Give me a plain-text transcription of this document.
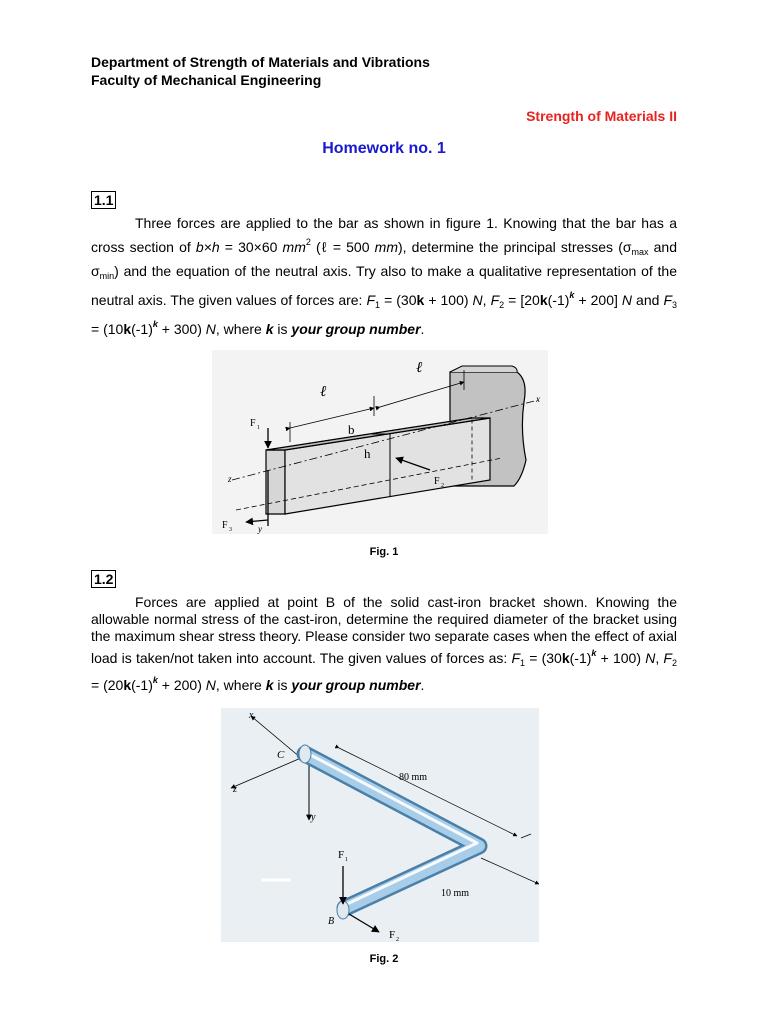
Department of Strength of Materials and Vibrations
Faculty of Mechanical Engineering
Strength of Materials II
Homework no. 1
1.1
Three forces are applied to the bar as shown in figure 1. Knowing that the bar has a cross section of b×h = 30×60 $mm^2$ (ℓ = 500 mm), determine the principal stresses ($\sigma_{max}$ and $\sigma_{min}$) and the equation of the neutral axis. Try also to make a qualitative representation of the neutral axis. The given values of forces are: $F_1 = (30k + 100)$ N, $F_2 = [20k(-1)^k + 200]$ N and $F_3 = (10k(-1)^k + 300)$ N, where k is your group number.
ℓ
ℓ
b
h
x
z
y
F 1
F 2
F 3
Fig. 1
1.2
Forces are applied at point B of the solid cast-iron bracket shown. Knowing the allowable normal stress of the cast-iron, determine the required diameter of the bracket using the maximum shear stress theory. Please consider two separate cases when the effect of axial load is taken/not taken into account. The given values of forces as: $F_1 = (30k(-1)^k + 100)$ N, $F_2 = (20k(-1)^k + 200)$ N, where k is your group number.
x
z
y
C
B
80 mm
10 mm
F 1
F 2
Fig. 2
